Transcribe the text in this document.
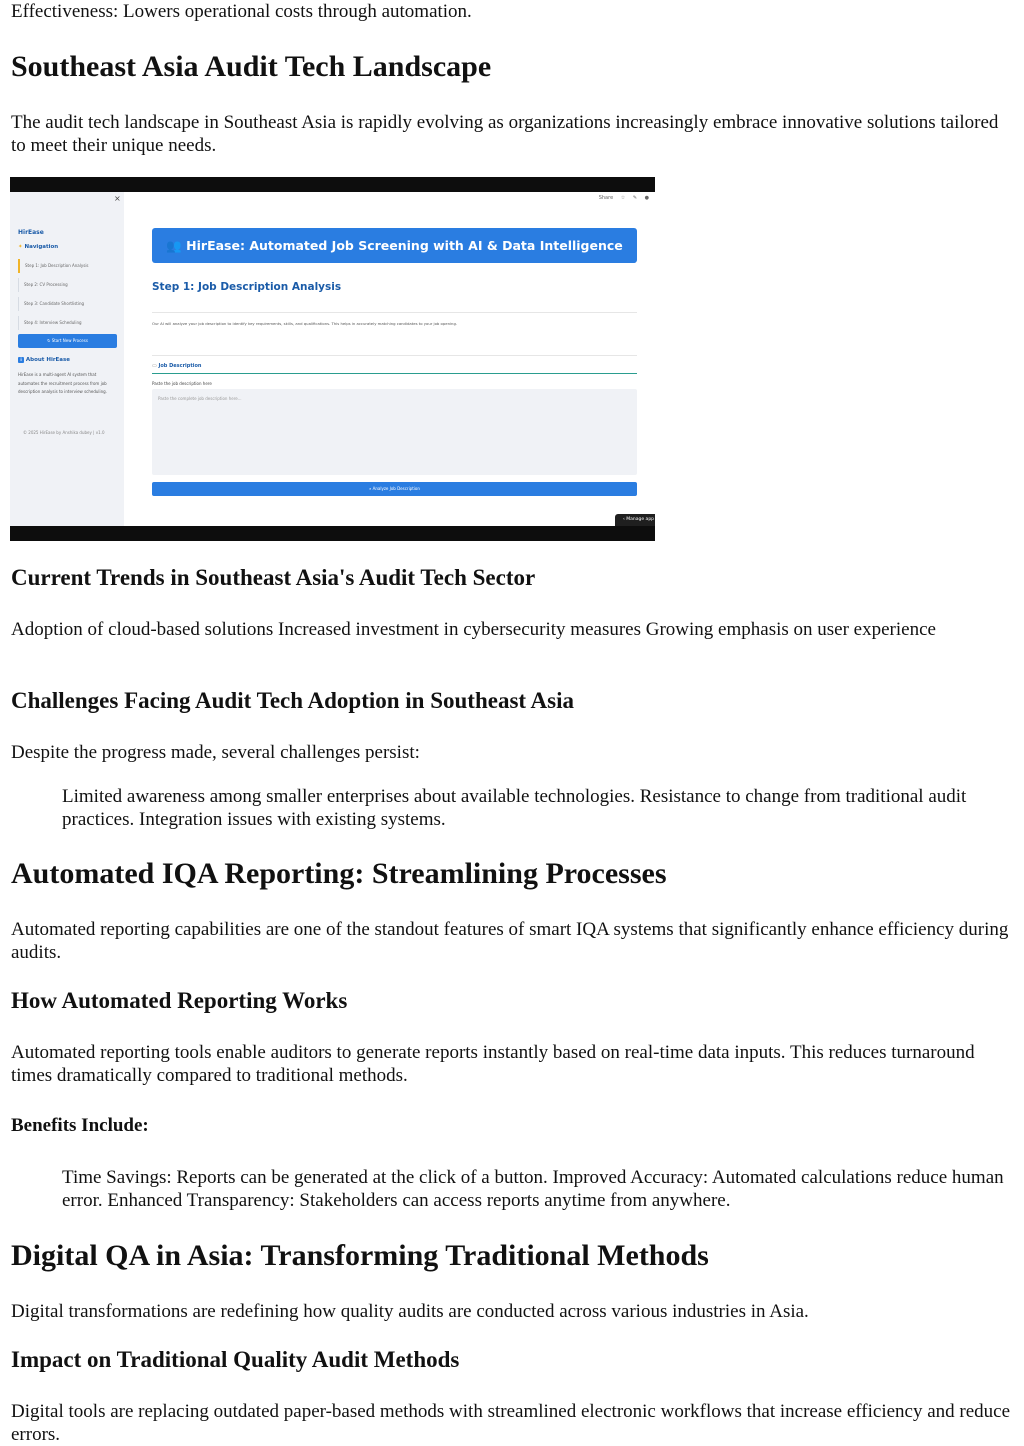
Effectiveness: Lowers operational costs through automation.

Southeast Asia Audit Tech Landscape

The audit tech landscape in Southeast Asia is rapidly evolving as organizations increasingly embrace innovative solutions tailored to meet their unique needs.

×
HirEase
✦ Navigation
Step 1: Job Description Analysis
Step 2: CV Processing
Step 3: Candidate Shortlisting
Step 4: Interview Scheduling
↻ Start New Process
i About HirEase
HirEase is a multi-agent AI system that automates the recruitment process from job description analysis to interview scheduling.
© 2025 HirEase by Anshika dubey | v1.0
Share ☆ ✎ ●
👥 HirEase: Automated Job Screening with AI & Data Intelligence
Step 1: Job Description Analysis
Our AI will analyze your job description to identify key requirements, skills, and qualifications. This helps in accurately matching candidates to your job opening.
▭ Job Description
Paste the job description here
Paste the complete job description here...
⌕ Analyze Job Description
‹ Manage app
Current Trends in Southeast Asia's Audit Tech Sector

Adoption of cloud-based solutions Increased investment in cybersecurity measures Growing emphasis on user experience

Challenges Facing Audit Tech Adoption in Southeast Asia

Despite the progress made, several challenges persist:

Limited awareness among smaller enterprises about available technologies. Resistance to change from traditional audit practices. Integration issues with existing systems.

Automated IQA Reporting: Streamlining Processes

Automated reporting capabilities are one of the standout features of smart IQA systems that significantly enhance efficiency during audits.

How Automated Reporting Works

Automated reporting tools enable auditors to generate reports instantly based on real-time data inputs. This reduces turnaround times dramatically compared to traditional methods.

Benefits Include:

Time Savings: Reports can be generated at the click of a button. Improved Accuracy: Automated calculations reduce human error. Enhanced Transparency: Stakeholders can access reports anytime from anywhere.

Digital QA in Asia: Transforming Traditional Methods

Digital transformations are redefining how quality audits are conducted across various industries in Asia.

Impact on Traditional Quality Audit Methods

Digital tools are replacing outdated paper-based methods with streamlined electronic workflows that increase efficiency and reduce errors.
